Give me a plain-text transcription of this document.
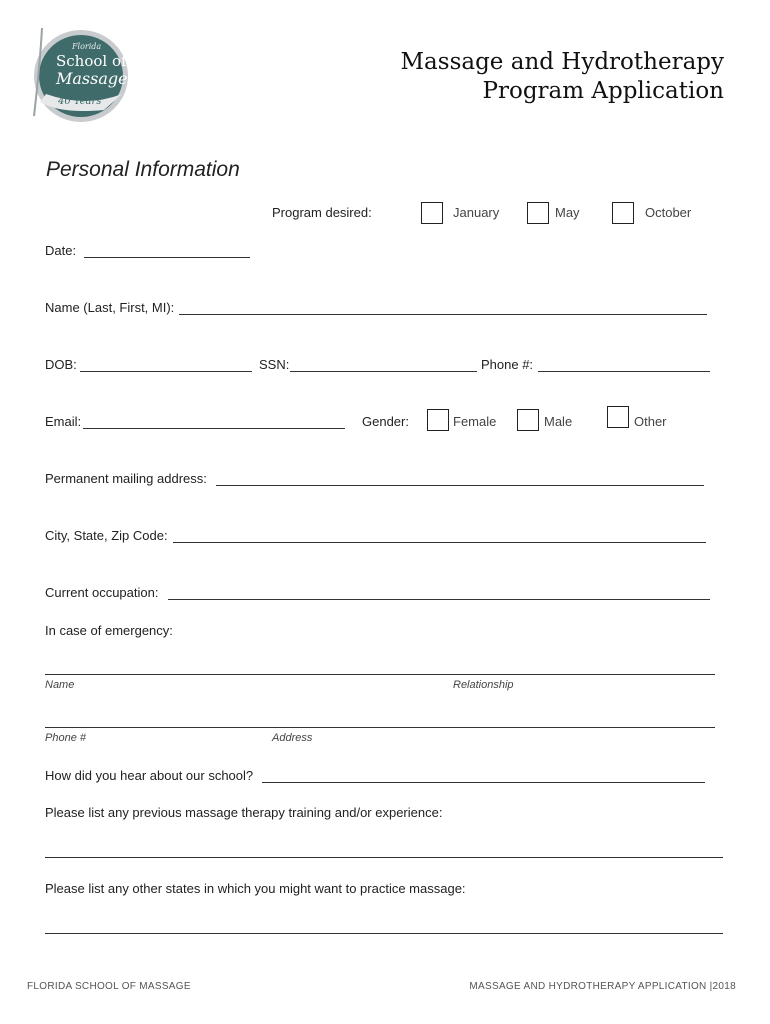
Florida
School of
Massage
40 Years
Massage and Hydrotherapy
Program Application
Personal Information
Program desired:	January	May	October
Date:
Name (Last, First, MI):
DOB:	SSN:	Phone #:
Email:	Gender:	Female	Male	Other
Permanent mailing address:
City, State, Zip Code:
Current occupation:
In case of emergency:
Name	Relationship
Phone #	Address
How did you hear about our school?
Please list any previous massage therapy training and/or experience:
Please list any other states in which you might want to practice massage:
FLORIDA SCHOOL OF MASSAGE	MASSAGE AND HYDROTHERAPY APPLICATION |2018
